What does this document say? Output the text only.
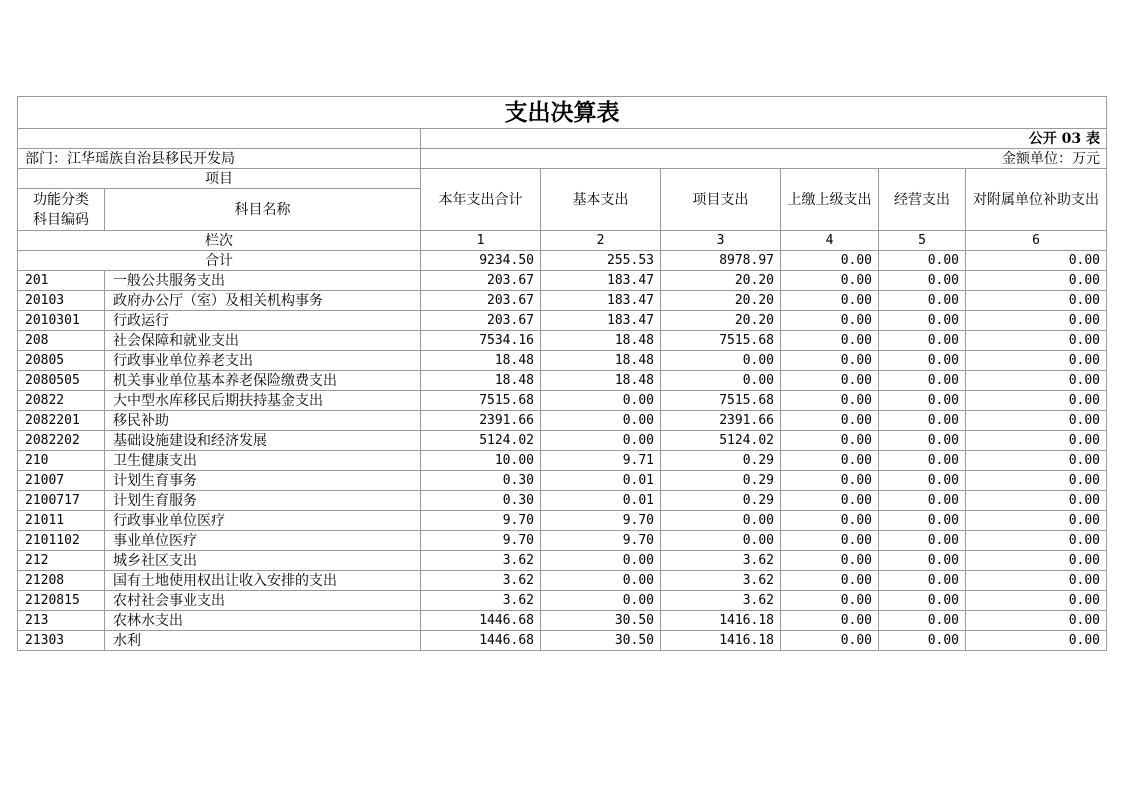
支出决算表							
		公开 03 表					
部门：江华瑶族自治县移民开发局		金额单位：万元					
项目		本年支出合计	基本支出	项目支出	上缴上级支出	经营支出	对附属单位补助支出
功能分类科目编码	科目名称						
栏次		1	2	3	4	5	6
合计		9234.50	255.53	8978.97	0.00	0.00	0.00
201	一般公共服务支出	203.67	183.47	20.20	0.00	0.00	0.00
20103	政府办公厅（室）及相关机构事务	203.67	183.47	20.20	0.00	0.00	0.00
2010301	行政运行	203.67	183.47	20.20	0.00	0.00	0.00
208	社会保障和就业支出	7534.16	18.48	7515.68	0.00	0.00	0.00
20805	行政事业单位养老支出	18.48	18.48	0.00	0.00	0.00	0.00
2080505	机关事业单位基本养老保险缴费支出	18.48	18.48	0.00	0.00	0.00	0.00
20822	大中型水库移民后期扶持基金支出	7515.68	0.00	7515.68	0.00	0.00	0.00
2082201	移民补助	2391.66	0.00	2391.66	0.00	0.00	0.00
2082202	基础设施建设和经济发展	5124.02	0.00	5124.02	0.00	0.00	0.00
210	卫生健康支出	10.00	9.71	0.29	0.00	0.00	0.00
21007	计划生育事务	0.30	0.01	0.29	0.00	0.00	0.00
2100717	计划生育服务	0.30	0.01	0.29	0.00	0.00	0.00
21011	行政事业单位医疗	9.70	9.70	0.00	0.00	0.00	0.00
2101102	事业单位医疗	9.70	9.70	0.00	0.00	0.00	0.00
212	城乡社区支出	3.62	0.00	3.62	0.00	0.00	0.00
21208	国有土地使用权出让收入安排的支出	3.62	0.00	3.62	0.00	0.00	0.00
2120815	农村社会事业支出	3.62	0.00	3.62	0.00	0.00	0.00
213	农林水支出	1446.68	30.50	1416.18	0.00	0.00	0.00
21303	水利	1446.68	30.50	1416.18	0.00	0.00	0.00
